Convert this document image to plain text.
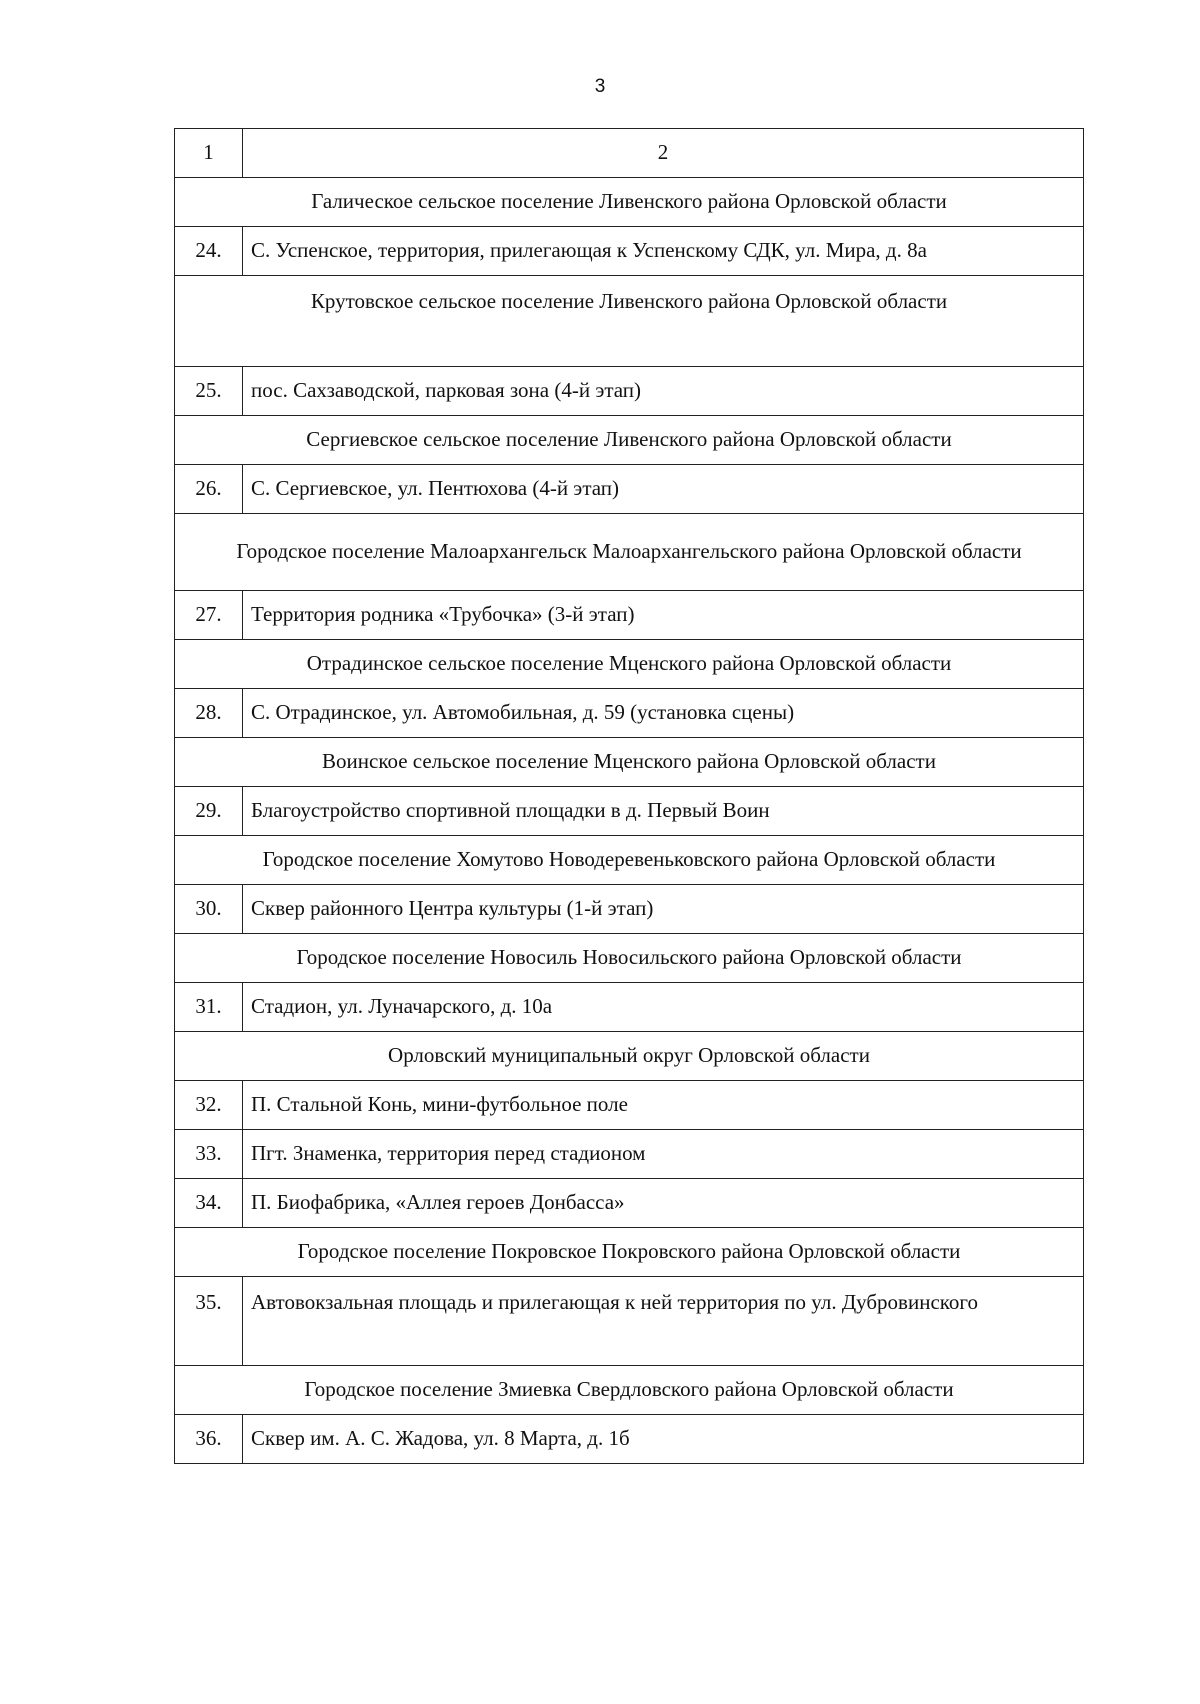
3
1	2
Галическое сельское поселение Ливенского района Орловской области	
24.	С. Успенское, территория, прилегающая к Успенскому СДК, ул. Мира, д. 8а
Крутовское сельское поселение Ливенского района Орловской области	
25.	пос. Сахзаводской, парковая зона (4-й этап)
Сергиевское сельское поселение Ливенского района Орловской области	
26.	С. Сергиевское, ул. Пентюхова (4-й этап)
Городское поселение Малоархангельск Малоархангельского района Орловской области	
27.	Территория родника «Трубочка» (3-й этап)
Отрадинское сельское поселение Мценского района Орловской области	
28.	С. Отрадинское, ул. Автомобильная, д. 59 (установка сцены)
Воинское сельское поселение Мценского района Орловской области	
29.	Благоустройство спортивной площадки в д. Первый Воин
Городское поселение Хомутово Новодеревеньковского района Орловской области	
30.	Сквер районного Центра культуры (1-й этап)
Городское поселение Новосиль Новосильского района Орловской области	
31.	Стадион, ул. Луначарского, д. 10а
Орловский муниципальный округ Орловской области	
32.	П. Стальной Конь, мини-футбольное поле
33.	Пгт. Знаменка, территория перед стадионом
34.	П. Биофабрика, «Аллея героев Донбасса»
Городское поселение Покровское Покровского района Орловской области	
35.	Автовокзальная площадь и прилегающая к ней территория по ул. Дубровинского
Городское поселение Змиевка Свердловского района Орловской области	
36.	Сквер им. А. С. Жадова, ул. 8 Марта, д. 1б
